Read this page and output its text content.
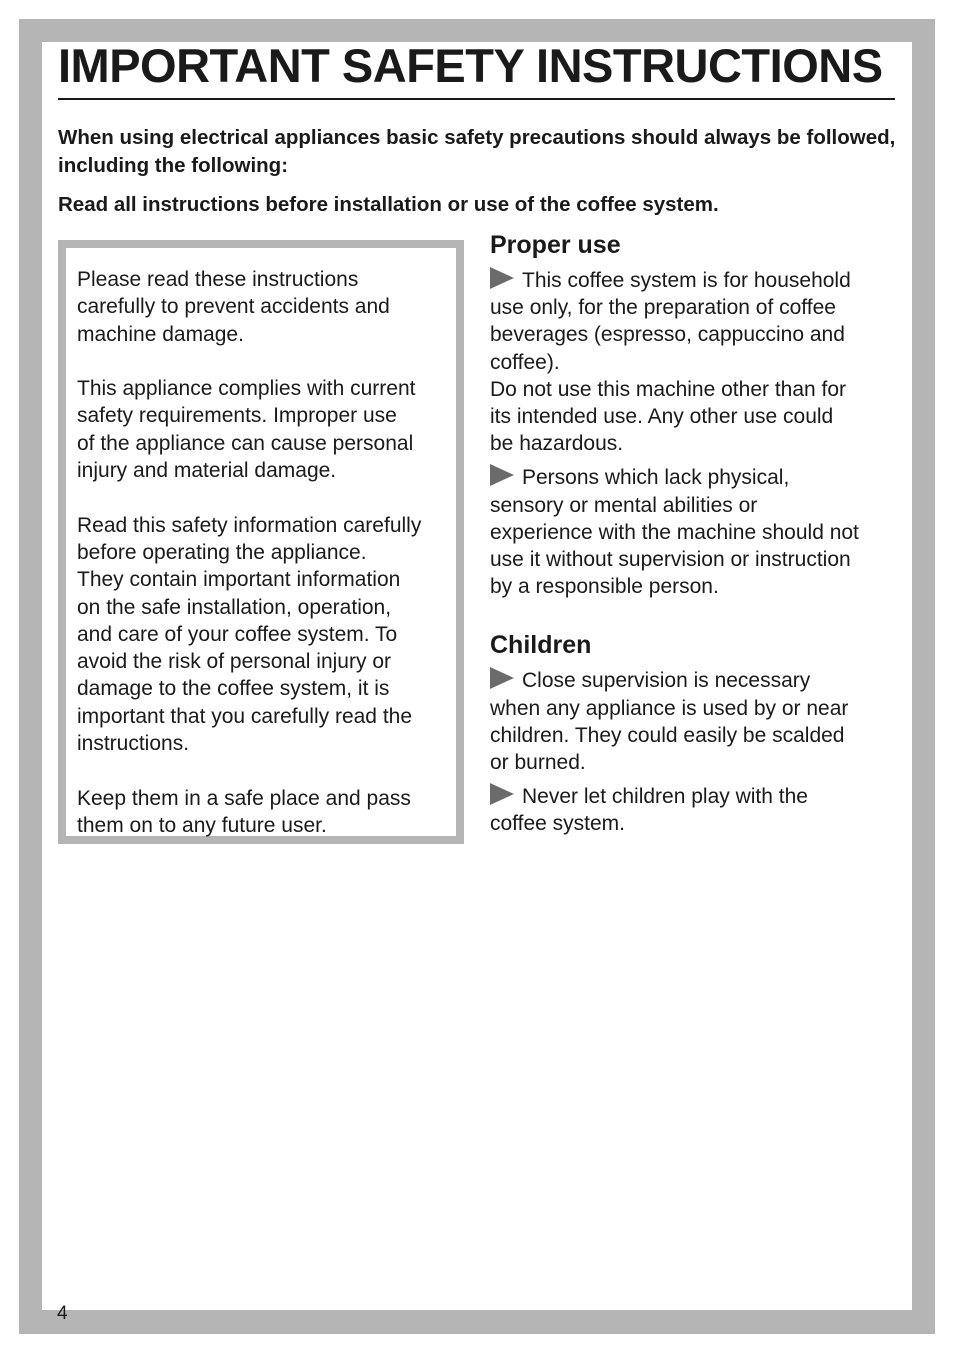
IMPORTANT SAFETY INSTRUCTIONS

When using electrical appliances basic safety precautions should always be followed, including the following:

Read all instructions before installation or use of the coffee system.

Please read these instructions
carefully to prevent accidents and
machine damage.

This appliance complies with current
safety requirements. Improper use
of the appliance can cause personal
injury and material damage.

Read this safety information carefully
before operating the appliance.
They contain important information
on the safe installation, operation,
and care of your coffee system. To
avoid the risk of personal injury or
damage to the coffee system, it is
important that you carefully read the
instructions.

Keep them in a safe place and pass
them on to any future user.

Proper use

This coffee system is for household
use only, for the preparation of coffee
beverages (espresso, cappuccino and
coffee).
Do not use this machine other than for
its intended use. Any other use could
be hazardous.

Persons which lack physical,
sensory or mental abilities or
experience with the machine should not
use it without supervision or instruction
by a responsible person.

Children

Close supervision is necessary
when any appliance is used by or near
children. They could easily be scalded
or burned.

Never let children play with the
coffee system.

4
